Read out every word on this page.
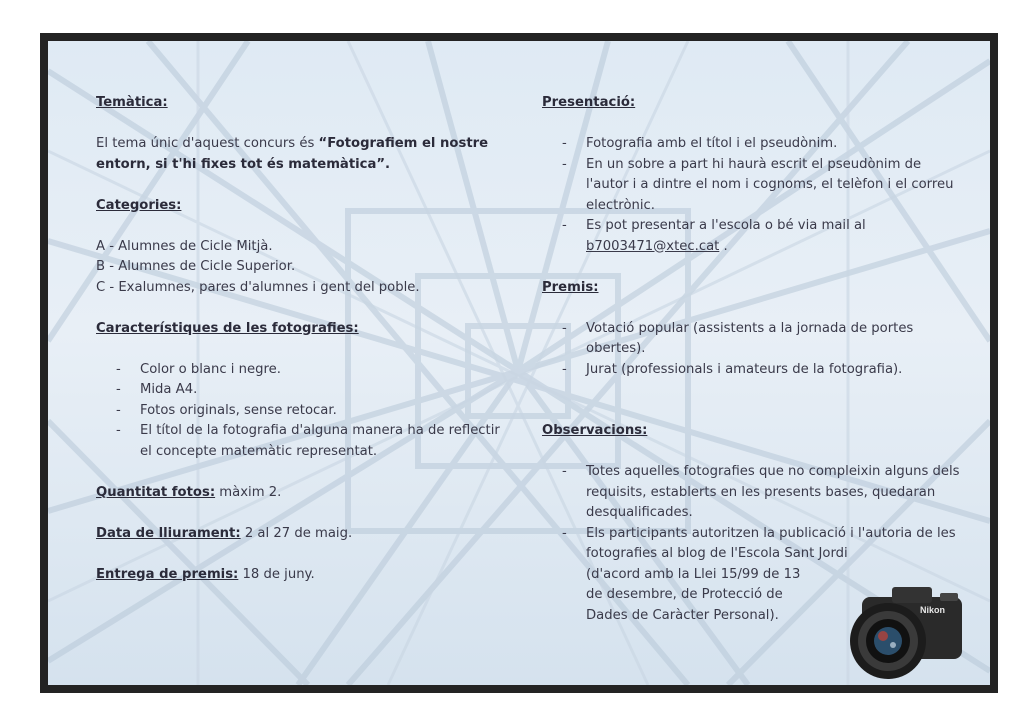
Temàtica:

El tema únic d'aquest concurs és “Fotografiem el nostre entorn, si t'hi fixes tot és matemàtica”.

Categories:

A - Alumnes de Cicle Mitjà.

B - Alumnes de Cicle Superior.

C - Exalumnes, pares d'alumnes i gent del poble.

Característiques de les fotografies:

- Color o blanc i negre.
- Mida A4.
- Fotos originals, sense retocar.
- El títol de la fotografia d'alguna manera ha de reflectir el concepte matemàtic representat.

Quantitat fotos: màxim 2.

Data de lliurament: 2 al 27 de maig.

Entrega de premis: 18 de juny.

Presentació:

- Fotografia amb el títol i el pseudònim.
- En un sobre a part hi haurà escrit el pseudònim de l'autor i a dintre el nom i cognoms, el telèfon i el correu electrònic.
- Es pot presentar a l'escola o bé via mail al b7003471@xtec.cat .

Premis:

- Votació popular (assistents a la jornada de portes obertes).
- Jurat (professionals i amateurs de la fotografia).

Observacions:

- Totes aquelles fotografies que no compleixin alguns dels requisits, establerts en les presents bases, quedaran desqualificades.
- Els participants autoritzen la publicació i l'autoria de les fotografies al blog de l'Escola Sant Jordi

(d'acord amb la Llei 15/99 de 13

de desembre, de Protecció de

Dades de Caràcter Personal).	Nikon
